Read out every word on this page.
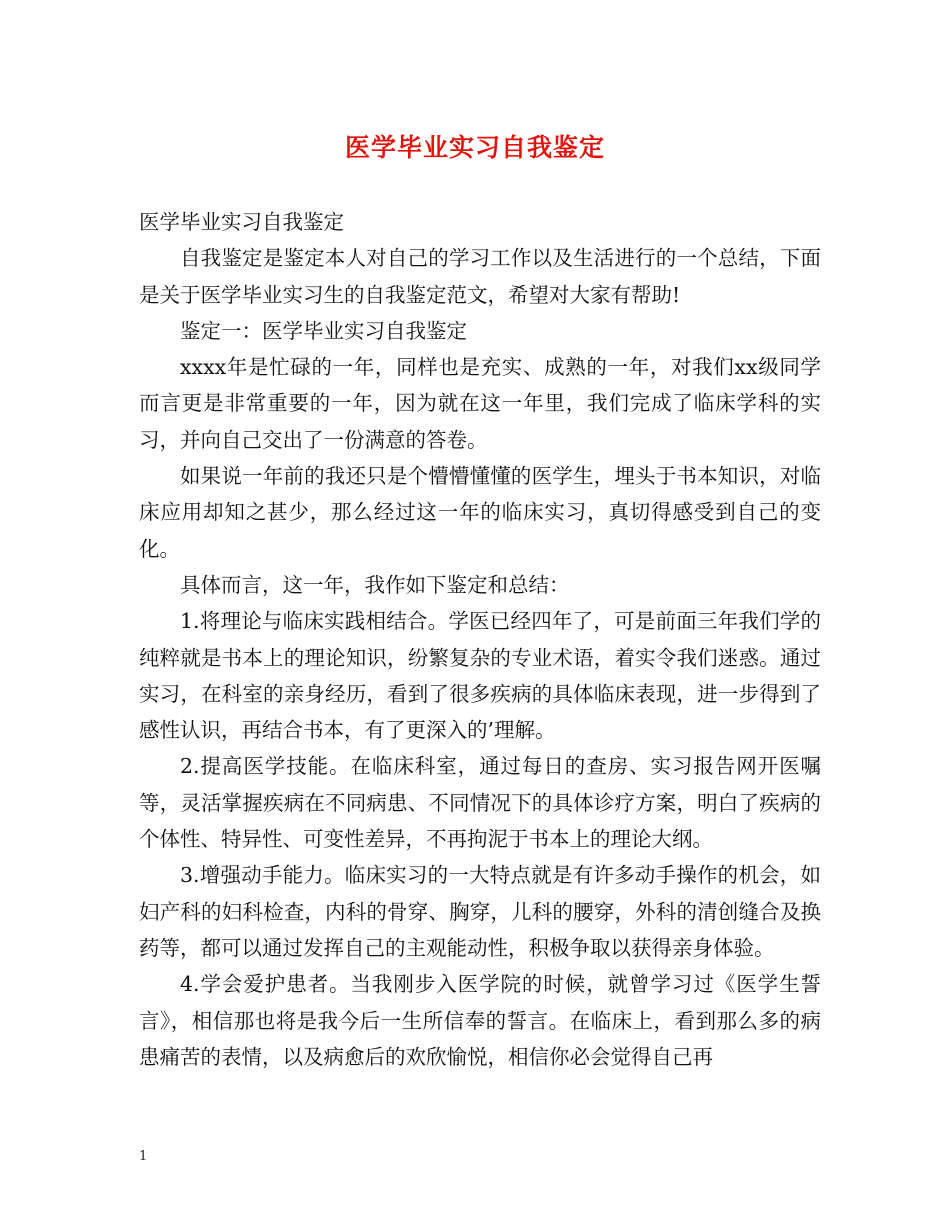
医学毕业实习自我鉴定

医学毕业实习自我鉴定

自我鉴定是鉴定本人对自己的学习工作以及生活进行的一个总结，下面是关于医学毕业实习生的自我鉴定范文，希望对大家有帮助!

鉴定一：医学毕业实习自我鉴定

xxxx年是忙碌的一年，同样也是充实、成熟的一年，对我们xx级同学而言更是非常重要的一年，因为就在这一年里，我们完成了临床学科的实习，并向自己交出了一份满意的答卷。

如果说一年前的我还只是个懵懵懂懂的医学生，埋头于书本知识，对临床应用却知之甚少，那么经过这一年的临床实习，真切得感受到自己的变化。

具体而言，这一年，我作如下鉴定和总结：

1.将理论与临床实践相结合。学医已经四年了，可是前面三年我们学的纯粹就是书本上的理论知识，纷繁复杂的专业术语，着实令我们迷惑。通过实习，在科室的亲身经历，看到了很多疾病的具体临床表现，进一步得到了感性认识，再结合书本，有了更深入的’理解。

2.提高医学技能。在临床科室，通过每日的查房、实习报告网开医嘱等，灵活掌握疾病在不同病患、不同情况下的具体诊疗方案，明白了疾病的个体性、特异性、可变性差异，不再拘泥于书本上的理论大纲。

3.增强动手能力。临床实习的一大特点就是有许多动手操作的机会，如妇产科的妇科检查，内科的骨穿、胸穿，儿科的腰穿，外科的清创缝合及换药等，都可以通过发挥自己的主观能动性，积极争取以获得亲身体验。

4.学会爱护患者。当我刚步入医学院的时候，就曾学习过《医学生誓言》，相信那也将是我今后一生所信奉的誓言。在临床上，看到那么多的病患痛苦的表情，以及病愈后的欢欣愉悦，相信你必会觉得自己再

1
